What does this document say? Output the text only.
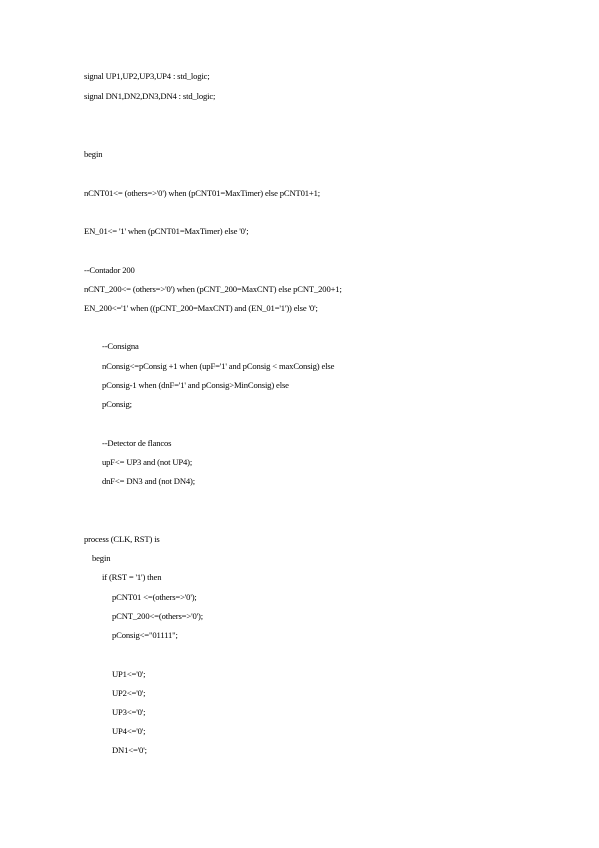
signal UP1,UP2,UP3,UP4 : std_logic;
signal DN1,DN2,DN3,DN4 : std_logic;
begin
nCNT01<= (others=>'0') when (pCNT01=MaxTimer) else pCNT01+1;
EN_01<= '1' when (pCNT01=MaxTimer) else '0';
--Contador 200
nCNT_200<= (others=>'0') when (pCNT_200=MaxCNT) else pCNT_200+1;
EN_200<='1' when ((pCNT_200=MaxCNT) and (EN_01='1')) else '0';
--Consigna
nConsig<=pConsig +1 when (upF='1' and pConsig < maxConsig) else
pConsig-1 when (dnF='1' and pConsig>MinConsig) else
pConsig;
--Detector de flancos
upF<= UP3 and (not UP4);
dnF<= DN3 and (not DN4);
process (CLK, RST) is
begin
if (RST = '1') then
pCNT01 <=(others=>'0');
pCNT_200<=(others=>'0');
pConsig<="01111";
UP1<='0';
UP2<='0';
UP3<='0';
UP4<='0';
DN1<='0';
